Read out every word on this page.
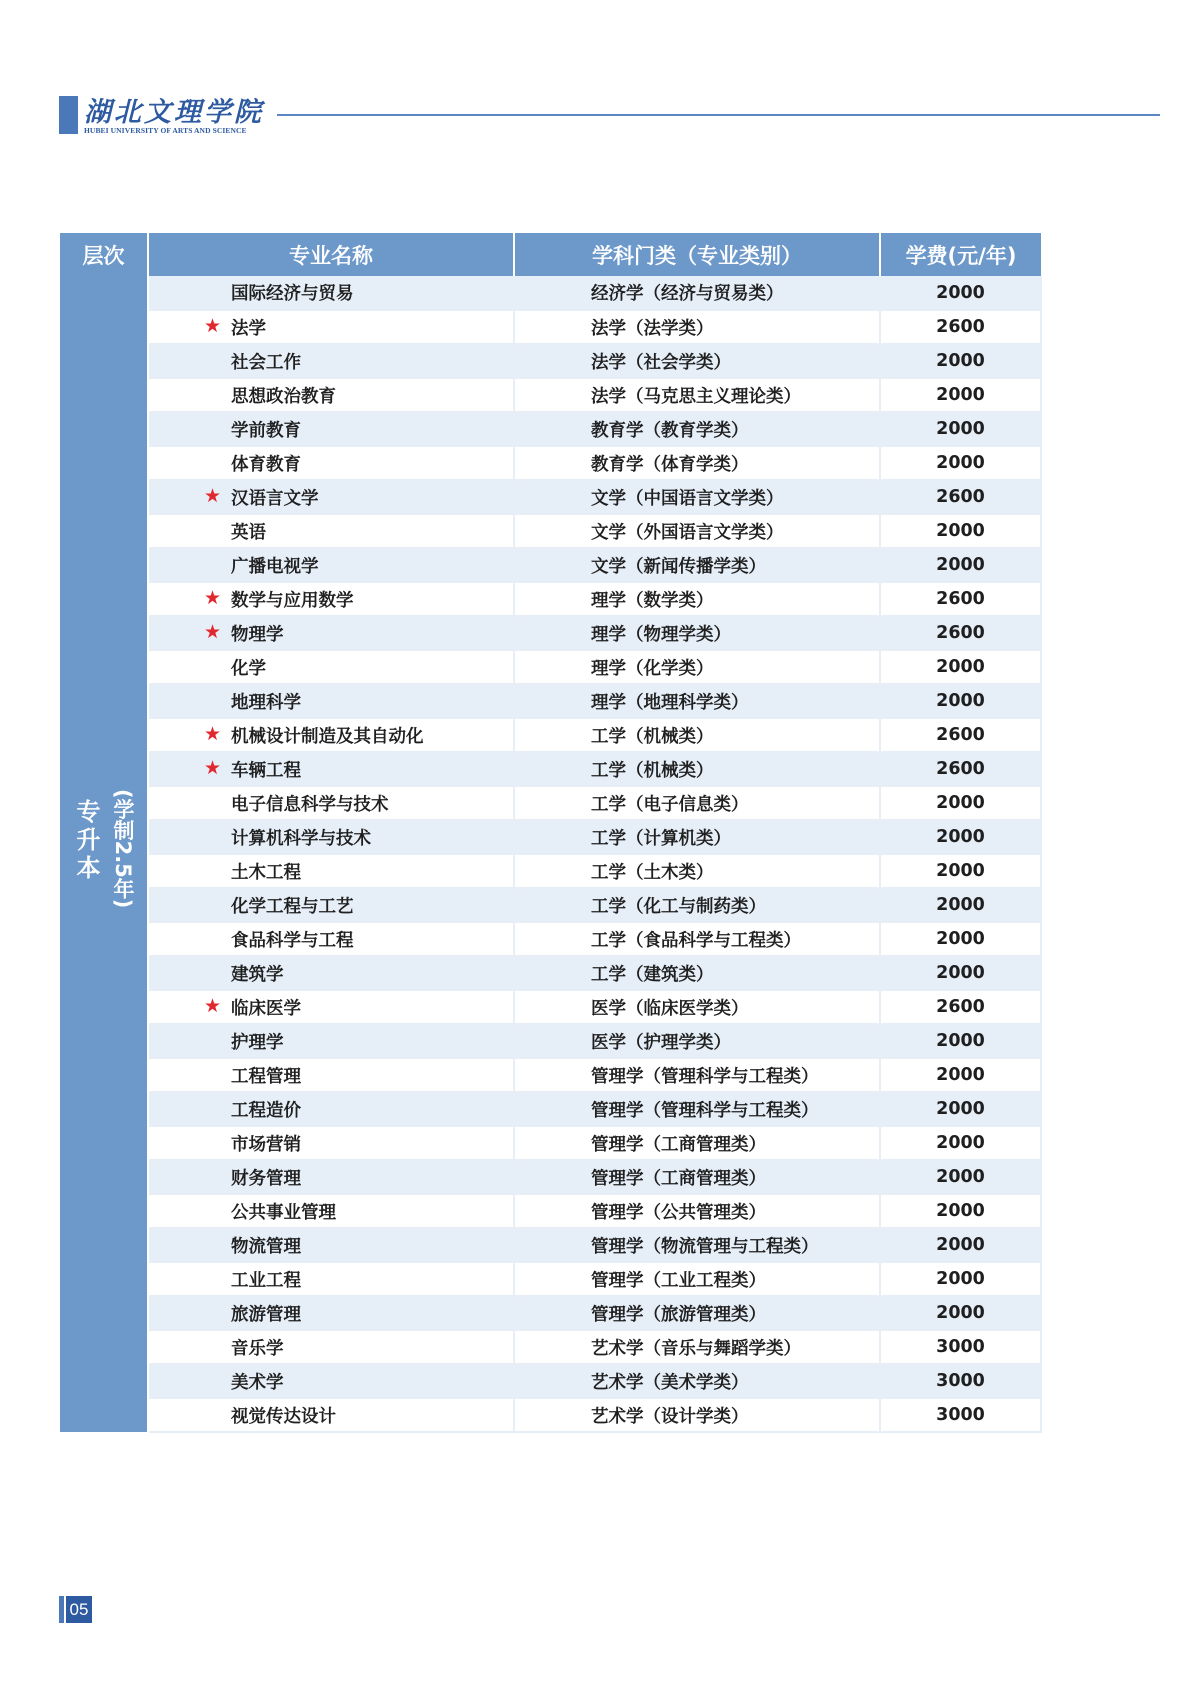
湖北文理学院
HUBEI UNIVERSITY OF ARTS AND SCIENCE
层次	专业名称	学科门类（专业类别）	学费(元/年)

专升本 (学制2.5年)	国际经济与贸易	经济学（经济与贸易类）	2000

	★ 法学	法学（法学类）	2600
	社会工作	法学（社会学类）	2000
	思想政治教育	法学（马克思主义理论类）	2000
	学前教育	教育学（教育学类）	2000
	体育教育	教育学（体育学类）	2000

	★ 汉语言文学	文学（中国语言文学类）	2600
	英语	文学（外国语言文学类）	2000
	广播电视学	文学（新闻传播学类）	2000

	★ 数学与应用数学	理学（数学类）	2600

	★ 物理学	理学（物理学类）	2600
	化学	理学（化学类）	2000
	地理科学	理学（地理科学类）	2000

	★ 机械设计制造及其自动化	工学（机械类）	2600

	★ 车辆工程	工学（机械类）	2600
	电子信息科学与技术	工学（电子信息类）	2000
	计算机科学与技术	工学（计算机类）	2000
	土木工程	工学（土木类）	2000
	化学工程与工艺	工学（化工与制药类）	2000
	食品科学与工程	工学（食品科学与工程类）	2000
	建筑学	工学（建筑类）	2000

	★ 临床医学	医学（临床医学类）	2600
	护理学	医学（护理学类）	2000
	工程管理	管理学（管理科学与工程类）	2000
	工程造价	管理学（管理科学与工程类）	2000
	市场营销	管理学（工商管理类）	2000
	财务管理	管理学（工商管理类）	2000
	公共事业管理	管理学（公共管理类）	2000
	物流管理	管理学（物流管理与工程类）	2000
	工业工程	管理学（工业工程类）	2000
	旅游管理	管理学（旅游管理类）	2000
	音乐学	艺术学（音乐与舞蹈学类）	3000
	美术学	艺术学（美术学类）	3000
	视觉传达设计	艺术学（设计学类）	3000
05
